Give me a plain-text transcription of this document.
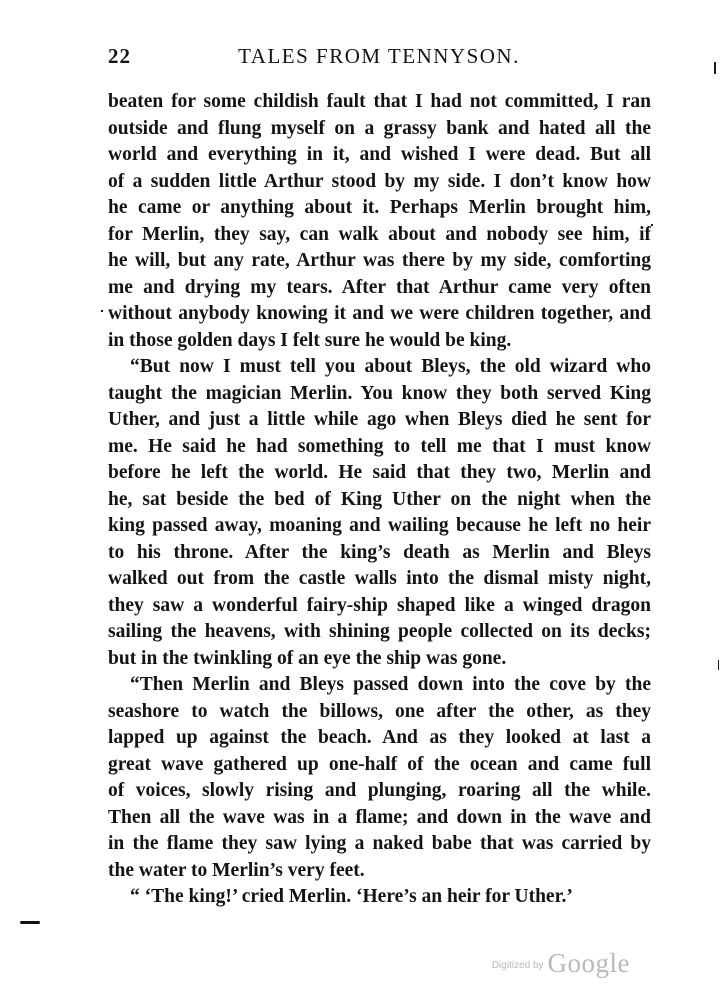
22	TALES FROM TENNYSON.
beaten for some childish fault that I had not committed, I ran
outside and flung myself on a grassy bank and hated all the
world and everything in it, and wished I were dead. But all
of a sudden little Arthur stood by my side. I don’t know how
he came or anything about it. Perhaps Merlin brought him,
for Merlin, they say, can walk about and nobody see him, if
he will, but any rate, Arthur was there by my side, comforting
me and drying my tears. After that Arthur came very often
without anybody knowing it and we were children together, and
in those golden days I felt sure he would be king.
“But now I must tell you about Bleys, the old wizard who
taught the magician Merlin. You know they both served King
Uther, and just a little while ago when Bleys died he sent for
me. He said he had something to tell me that I must know
before he left the world. He said that they two, Merlin and
he, sat beside the bed of King Uther on the night when the
king passed away, moaning and wailing because he left no heir
to his throne. After the king’s death as Merlin and Bleys
walked out from the castle walls into the dismal misty night,
they saw a wonderful fairy-ship shaped like a winged dragon
sailing the heavens, with shining people collected on its decks;
but in the twinkling of an eye the ship was gone.
“Then Merlin and Bleys passed down into the cove by the
seashore to watch the billows, one after the other, as they
lapped up against the beach. And as they looked at last a
great wave gathered up one-half of the ocean and came full
of voices, slowly rising and plunging, roaring all the while.
Then all the wave was in a flame; and down in the wave and
in the flame they saw lying a naked babe that was carried by
the water to Merlin’s very feet.
“ ‘The king!’ cried Merlin. ‘Here’s an heir for Uther.’
$^{Digitized by}$ Google
